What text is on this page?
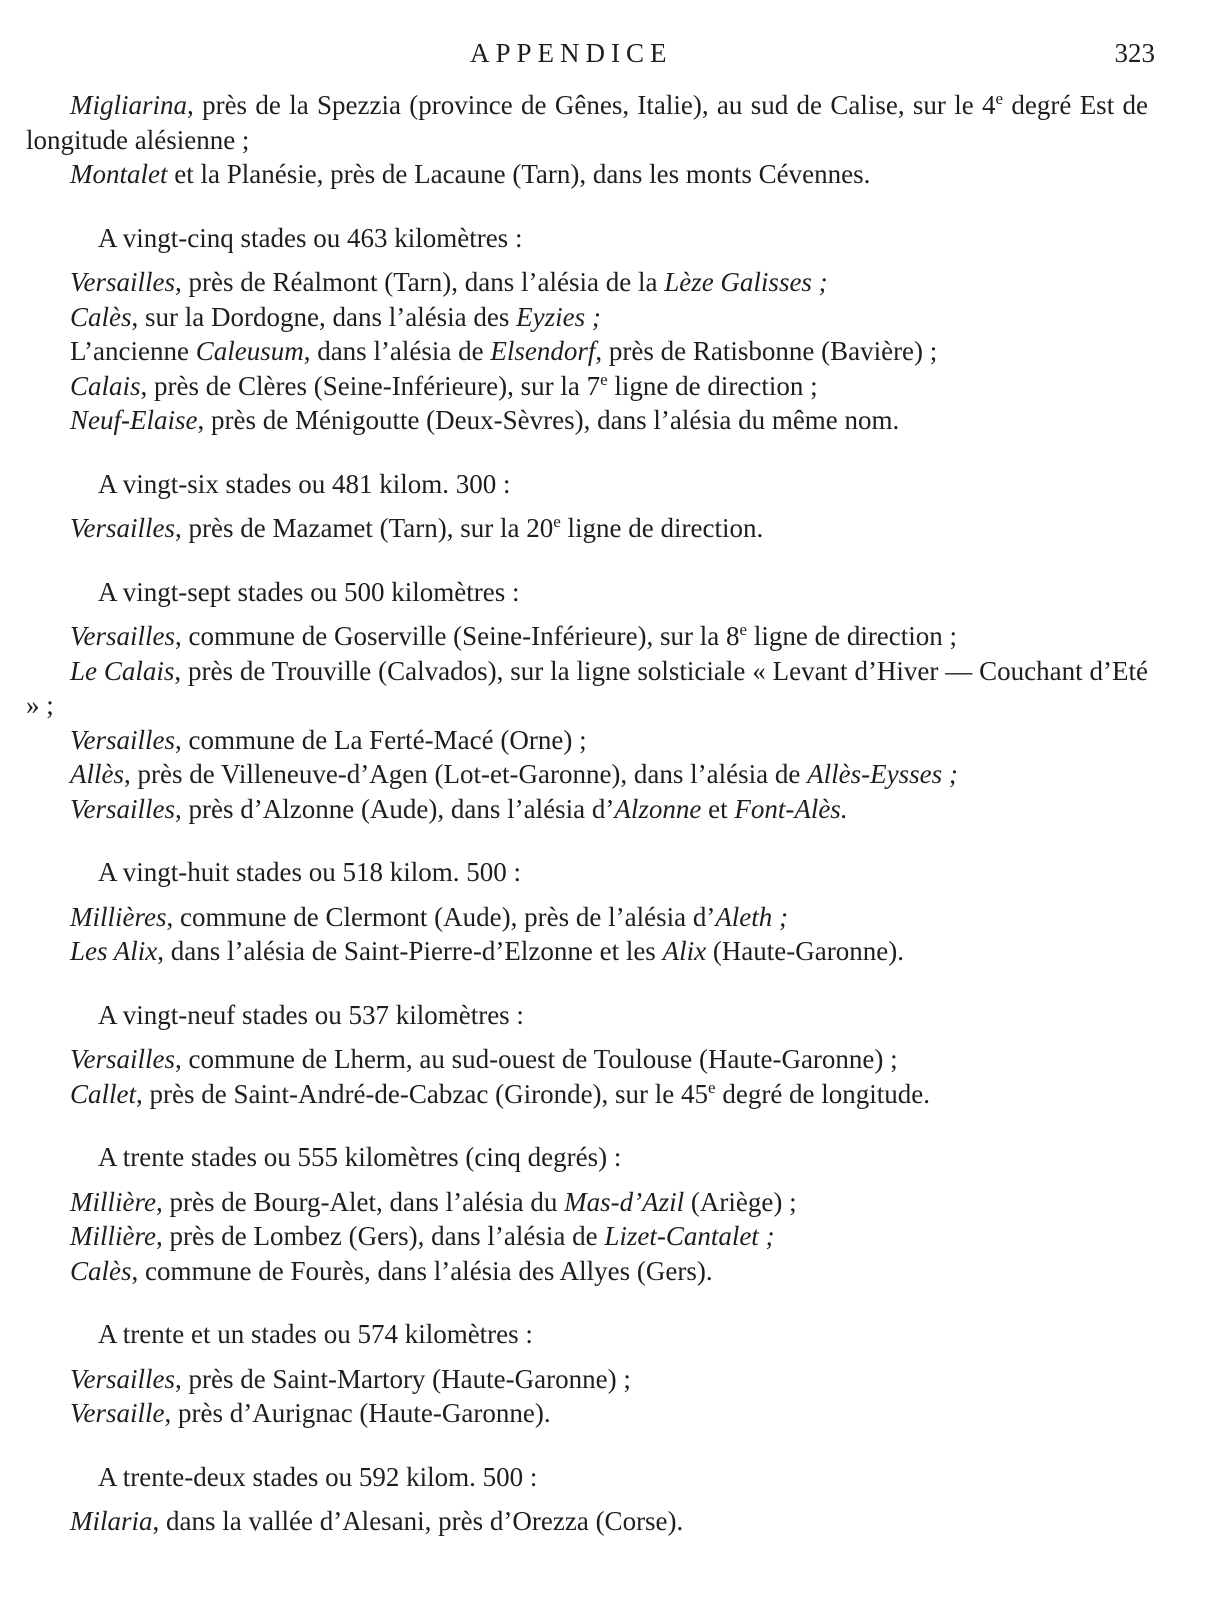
APPENDICE	323

Migliarina, près de la Spezzia (province de Gênes, Italie), au sud de Calise, sur le 4e degré Est de longitude alésienne ;

Montalet et la Planésie, près de Lacaune (Tarn), dans les monts Cévennes.

A vingt-cinq stades ou 463 kilomètres :

Versailles, près de Réalmont (Tarn), dans l’alésia de la Lèze Galisses ;

Calès, sur la Dordogne, dans l’alésia des Eyzies ;

L’ancienne Caleusum, dans l’alésia de Elsendorf, près de Ratisbonne (Bavière) ;

Calais, près de Clères (Seine-Inférieure), sur la 7e ligne de direction ;

Neuf-Elaise, près de Ménigoutte (Deux-Sèvres), dans l’alésia du même nom.

A vingt-six stades ou 481 kilom. 300 :

Versailles, près de Mazamet (Tarn), sur la 20e ligne de direction.

A vingt-sept stades ou 500 kilomètres :

Versailles, commune de Goserville (Seine-Inférieure), sur la 8e ligne de direction ;

Le Calais, près de Trouville (Calvados), sur la ligne solsticiale « Levant d’Hiver — Couchant d’Eté » ;

Versailles, commune de La Ferté-Macé (Orne) ;

Allès, près de Villeneuve-d’Agen (Lot-et-Garonne), dans l’alésia de Allès-Eysses ;

Versailles, près d’Alzonne (Aude), dans l’alésia d’Alzonne et Font-Alès.

A vingt-huit stades ou 518 kilom. 500 :

Millières, commune de Clermont (Aude), près de l’alésia d’Aleth ;

Les Alix, dans l’alésia de Saint-Pierre-d’Elzonne et les Alix (Haute-Garonne).

A vingt-neuf stades ou 537 kilomètres :

Versailles, commune de Lherm, au sud-ouest de Toulouse (Haute-Garonne) ;

Callet, près de Saint-André-de-Cabzac (Gironde), sur le 45e degré de longitude.

A trente stades ou 555 kilomètres (cinq degrés) :

Millière, près de Bourg-Alet, dans l’alésia du Mas-d’Azil (Ariège) ;

Millière, près de Lombez (Gers), dans l’alésia de Lizet-Cantalet ;

Calès, commune de Fourès, dans l’alésia des Allyes (Gers).

A trente et un stades ou 574 kilomètres :

Versailles, près de Saint-Martory (Haute-Garonne) ;

Versaille, près d’Aurignac (Haute-Garonne).

A trente-deux stades ou 592 kilom. 500 :

Milaria, dans la vallée d’Alesani, près d’Orezza (Corse).
